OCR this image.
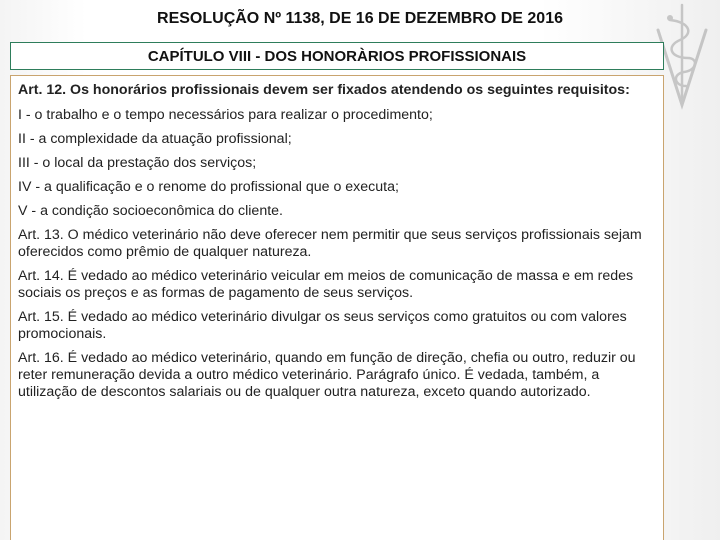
RESOLUÇÃO Nº 1138, DE 16 DE DEZEMBRO DE 2016
CAPÍTULO VIII - DOS HONORÀRIOS PROFISSIONAIS

Art. 12. Os honorários profissionais devem ser fixados atendendo os seguintes requisitos:

I - o trabalho e o tempo necessários para realizar o procedimento;

II - a complexidade da atuação profissional;

III - o local da prestação dos serviços;

IV - a qualificação e o renome do profissional que o executa;

V - a condição socioeconômica do cliente.

Art. 13. O médico veterinário não deve oferecer nem permitir que seus serviços profissionais sejam oferecidos como prêmio de qualquer natureza.

Art. 14. É vedado ao médico veterinário veicular em meios de comunicação de massa e em redes sociais os preços e as formas de pagamento de seus serviços.

Art. 15. É vedado ao médico veterinário divulgar os seus serviços como gratuitos ou com valores promocionais.

Art. 16. É vedado ao médico veterinário, quando em função de direção, chefia ou outro, reduzir ou reter remuneração devida a outro médico veterinário. Parágrafo único. É vedada, também, a utilização de descontos salariais ou de qualquer outra natureza, exceto quando autorizado.
